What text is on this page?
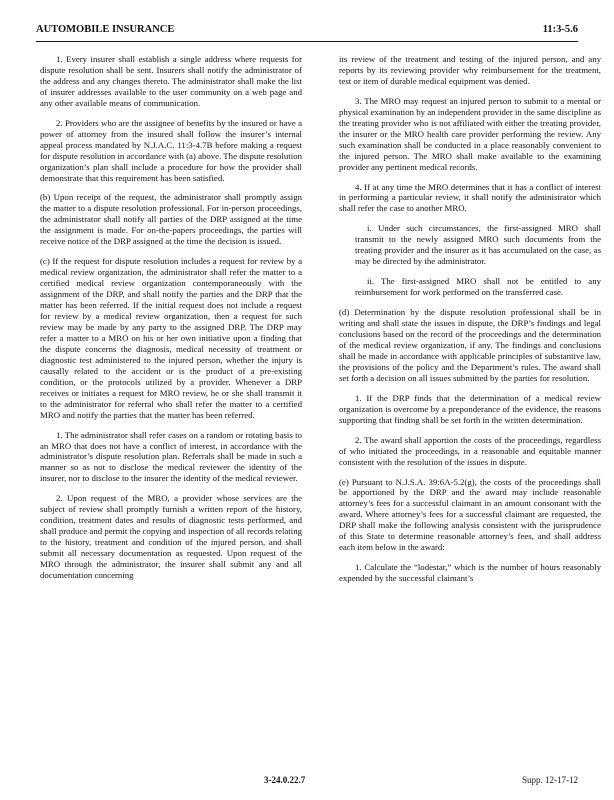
AUTOMOBILE INSURANCE	11:3-5.6

1. Every insurer shall establish a single address where requests for dispute resolution shall be sent. Insurers shall notify the administrator of the address and any changes thereto. The administrator shall make the list of insurer addresses available to the user community on a web page and any other available means of communication.

2. Providers who are the assignee of benefits by the insured or have a power of attorney from the insured shall follow the insurer’s internal appeal process mandated by N.J.A.C. 11:3-4.7B before making a request for dispute resolution in accordance with (a) above. The dispute resolution organization’s plan shall include a procedure for how the provider shall demonstrate that this requirement has been satisfied.

(b) Upon receipt of the request, the administrator shall promptly assign the matter to a dispute resolution professional. For in-person proceedings, the administrator shall notify all parties of the DRP assigned at the time the assignment is made. For on-the-papers proceedings, the parties will receive notice of the DRP assigned at the time the decision is issued.

(c) If the request for dispute resolution includes a request for review by a medical review organization, the administrator shall refer the matter to a certified medical review organization contemporaneously with the assignment of the DRP, and shall notify the parties and the DRP that the matter has been referred. If the initial request does not include a request for review by a medical review organization, then a request for such review may be made by any party to the assigned DRP. The DRP may refer a matter to a MRO on his or her own initiative upon a finding that the dispute concerns the diagnosis, medical necessity of treatment or diagnostic test administered to the injured person, whether the injury is causally related to the accident or is the product of a pre-existing condition, or the protocols utilized by a provider. Whenever a DRP receives or initiates a request for MRO review, he or she shall transmit it to the administrator for referral who shall refer the matter to a certified MRO and notify the parties that the matter has been referred.

1. The administrator shall refer cases on a random or rotating basis to an MRO that does not have a conflict of interest, in accordance with the administrator’s dispute resolution plan. Referrals shall be made in such a manner so as not to disclose the medical reviewer the identity of the insurer, nor to disclose to the insurer the identity of the medical reviewer.

2. Upon request of the MRO, a provider whose services are the subject of review shall promptly furnish a written report of the history, condition, treatment dates and results of diagnostic tests performed, and shall produce and permit the copying and inspection of all records relating to the history, treatment and condition of the injured person, and shall submit all necessary documentation as requested. Upon request of the MRO through the administrator, the insurer shall submit any and all documentation concerning

its review of the treatment and testing of the injured person, and any reports by its reviewing provider why reimbursement for the treatment, test or item of durable medical equipment was denied.

3. The MRO may request an injured person to submit to a mental or physical examination by an independent provider in the same discipline as the treating provider who is not affiliated with either the treating provider, the insurer or the MRO health care provider performing the review. Any such examination shall be conducted in a place reasonably convenient to the injured person. The MRO shall make available to the examining provider any pertinent medical records.

4. If at any time the MRO determines that it has a conflict of interest in performing a particular review, it shall notify the administrator which shall refer the case to another MRO.

i. Under such circumstances, the first-assigned MRO shall transmit to the newly assigned MRO such documents from the treating provider and the insurer as it has accumulated on the case, as may be directed by the administrator.

ii. The first-assigned MRO shall not be entitled to any reimbursement for work performed on the transferred case.

(d) Determination by the dispute resolution professional shall be in writing and shall state the issues in dispute, the DRP’s findings and legal conclusions based on the record of the proceedings and the determination of the medical review organization, if any. The findings and conclusions shall be made in accordance with applicable principles of substantive law, the provisions of the policy and the Department’s rules. The award shall set forth a decision on all issues submitted by the parties for resolution.

1. If the DRP finds that the determination of a medical review organization is overcome by a preponderance of the evidence, the reasons supporting that finding shall be set forth in the written determination.

2. The award shall apportion the costs of the proceedings, regardless of who initiated the proceedings, in a reasonable and equitable manner consistent with the resolution of the issues in dispute.

(e) Pursuant to N.J.S.A. 39:6A-5.2(g), the costs of the proceedings shall be apportioned by the DRP and the award may include reasonable attorney’s fees for a successful claimant in an amount consonant with the award. Where attorney’s fees for a successful claimant are requested, the DRP shall make the following analysis consistent with the jurisprudence of this State to determine reasonable attorney’s fees, and shall address each item below in the award:

1. Calculate the “lodestar,” which is the number of hours reasonably expended by the successful claimant’s

3-24.0.22.7	Supp. 12-17-12
